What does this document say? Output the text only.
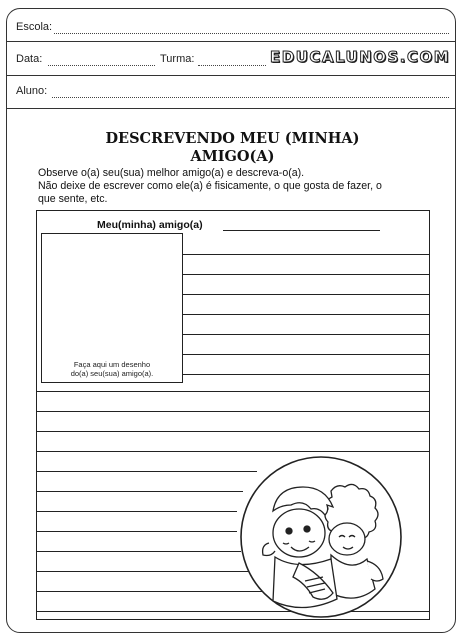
Escola:
Data:	Turma:	EDUCALUNOS.COM
Aluno:
DESCREVENDO MEU (MINHA)
AMIGO(A)
Observe o(a) seu(sua) melhor amigo(a) e descreva-o(a).
Não deixe de escrever como ele(a) é fisicamente, o que gosta de fazer, o
que sente, etc.
Meu(minha) amigo(a)
Faça aqui um desenho
do(a) seu(sua) amigo(a).
